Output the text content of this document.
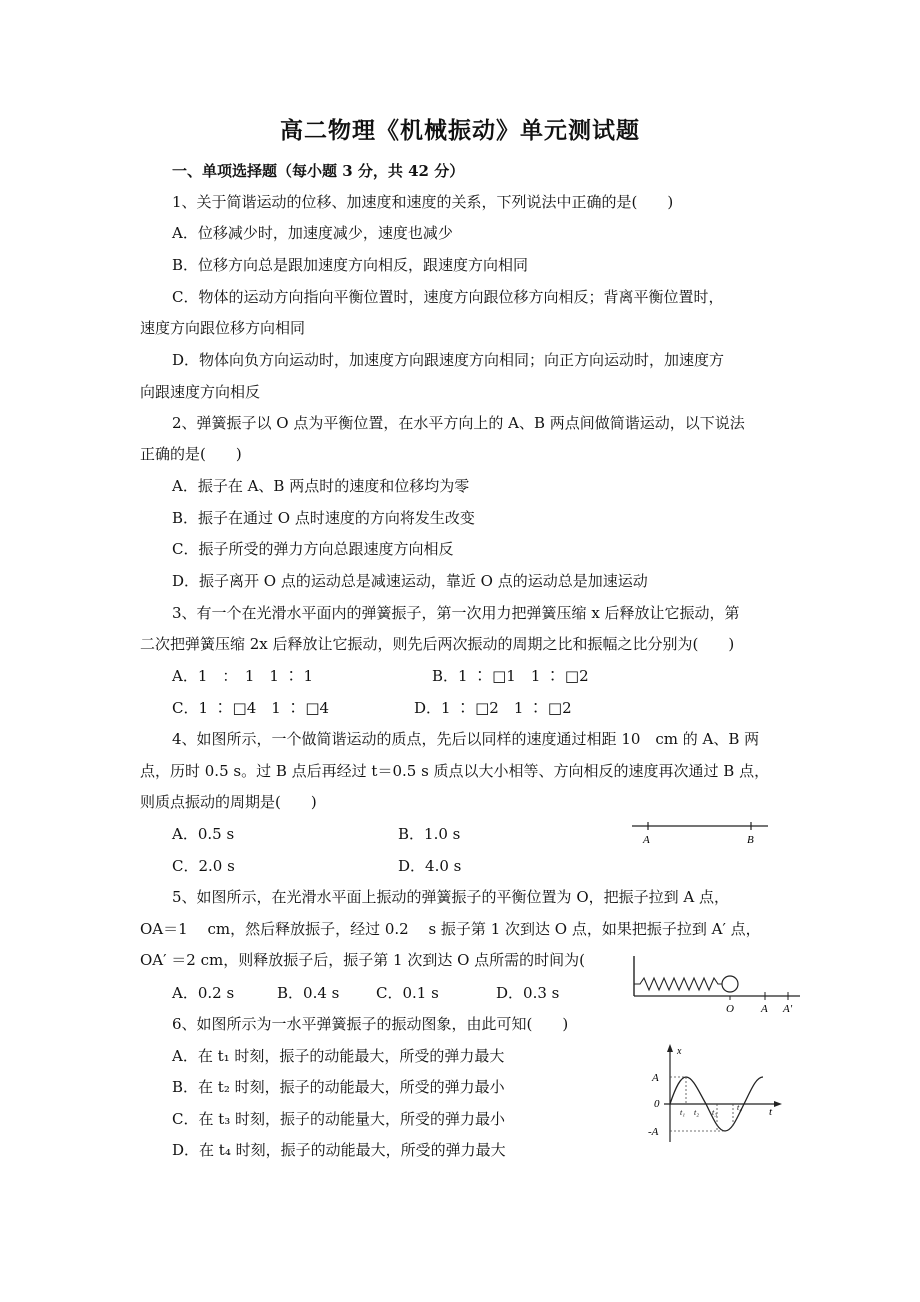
高二物理《机械振动》单元测试题
一、单项选择题（每小题 3 分，共 42 分）
1、关于简谐运动的位移、加速度和速度的关系，下列说法中正确的是(　　)
A．位移减少时，加速度减少，速度也减少
B．位移方向总是跟加速度方向相反，跟速度方向相同
C．物体的运动方向指向平衡位置时，速度方向跟位移方向相反；背离平衡位置时，
速度方向跟位移方向相同
D．物体向负方向运动时，加速度方向跟速度方向相同；向正方向运动时，加速度方
向跟速度方向相反
2、弹簧振子以 O 点为平衡位置，在水平方向上的 A、B 两点间做简谐运动，以下说法
正确的是(　　)
A．振子在 A、B 两点时的速度和位移均为零
B．振子在通过 O 点时速度的方向将发生改变
C．振子所受的弹力方向总跟速度方向相反
D．振子离开 O 点的运动总是减速运动，靠近 O 点的运动总是加速运动
3、有一个在光滑水平面内的弹簧振子，第一次用力把弹簧压缩 x 后释放让它振动，第
二次把弹簧压缩 2x 后释放让它振动，则先后两次振动的周期之比和振幅之比分别为(　　)
A．1　：　1　1 ∶ 1	B．1 ∶ □1　1 ∶ □2
C．1 ∶ □4　1 ∶ □4	D．1 ∶ □2　1 ∶ □2
4、如图所示，一个做简谐运动的质点，先后以同样的速度通过相距 10　cm 的 A、B 两
点，历时 0.5 s。过 B 点后再经过 t＝0.5 s 质点以大小相等、方向相反的速度再次通过 B 点，
则质点振动的周期是(　　)
A．0.5 s	B．1.0 s
C．2.0 s	D．4.0 s
A	B
5、如图所示，在光滑水平面上振动的弹簧振子的平衡位置为 O，把振子拉到 A 点，
OA＝1　 cm，然后释放振子，经过 0.2　 s 振子第 1 次到达 O 点，如果把振子拉到 A′ 点，
OA′ ＝2 cm，则释放振子后，振子第 1 次到达 O 点所需的时间为(
A．0.2 s	B．0.4 s C．0.1 s	D．0.3 s
O A A′
6、如图所示为一水平弹簧振子的振动图象，由此可知(　　)
A．在 t₁ 时刻，振子的动能最大，所受的弹力最大
B．在 t₂ 时刻，振子的动能最大，所受的弹力最小
C．在 t₃ 时刻，振子的动能量大，所受的弹力最小
D．在 t₄ 时刻，振子的动能最大，所受的弹力最大
x
A
0
-A
t
t₁ t₂ t₃
t₄
